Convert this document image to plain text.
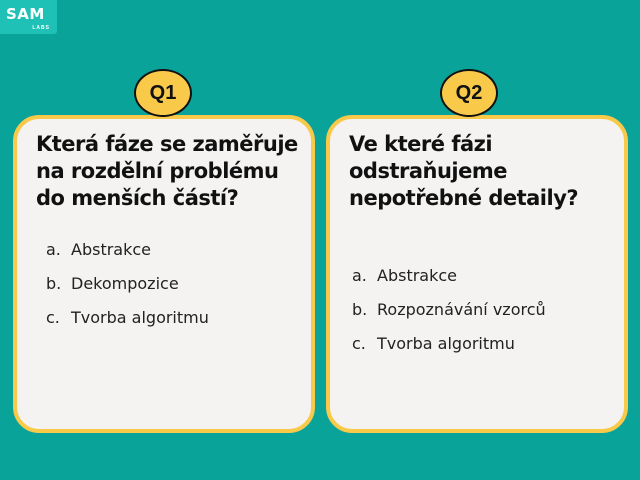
SAM
LABS

Která fáze se zaměřuje na rozdělní problému do menších částí?

a. Abstrakce
b. Dekompozice
c. Tvorba algoritmu

Ve které fázi odstraňujeme nepotřebné detaily?

a. Abstrakce
b. Rozpoznávání vzorců
c. Tvorba algoritmu
Q1	Q2
